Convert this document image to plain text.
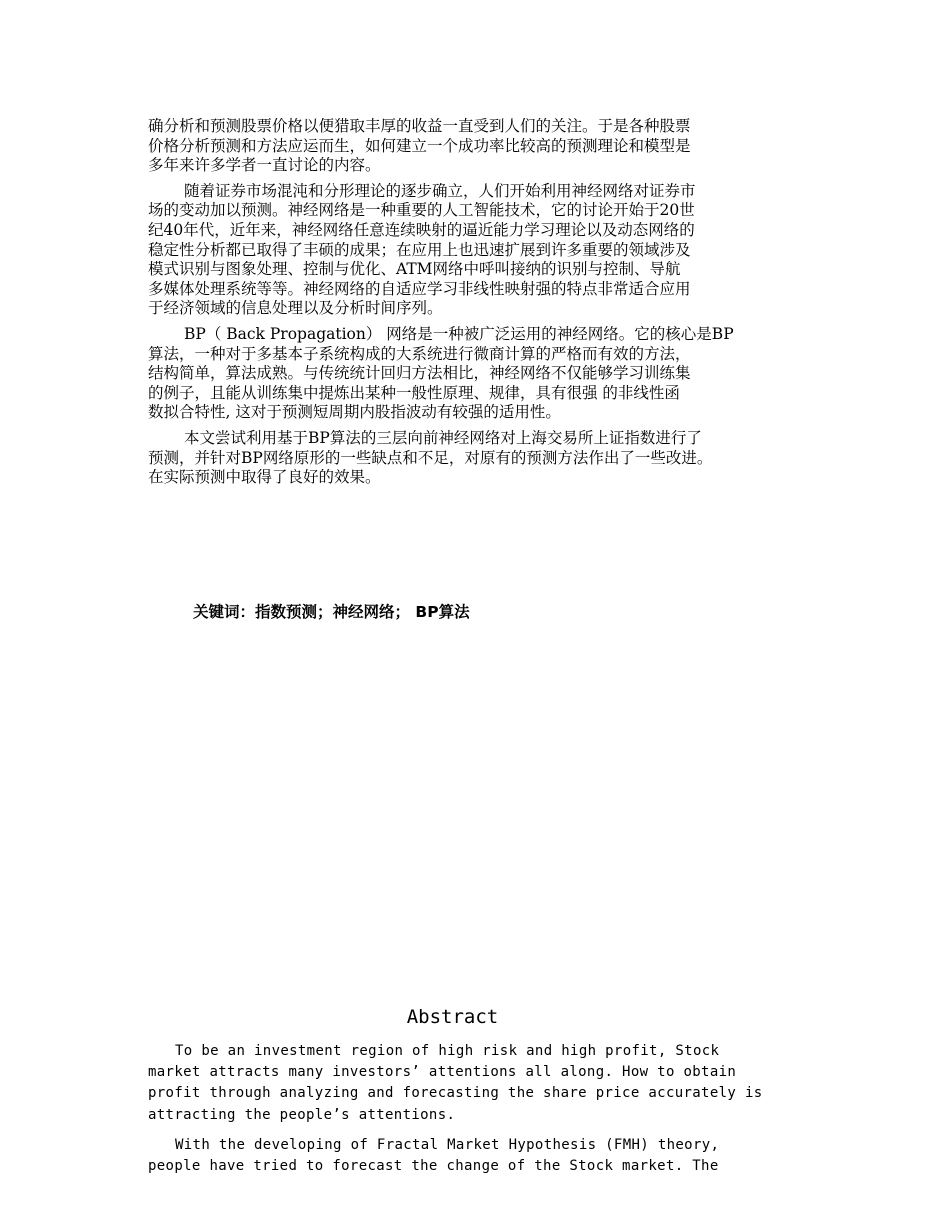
确分析和预测股票价格以便猎取丰厚的收益一直受到人们的关注。于是各种股票
价格分析预测和方法应运而生，如何建立一个成功率比较高的预测理论和模型是
多年来许多学者一直讨论的内容。

随着证券市场混沌和分形理论的逐步确立，人们开始利用神经网络对证券市
场的变动加以预测。神经网络是一种重要的人工智能技术，它的讨论开始于20世
纪40年代，近年来，神经网络任意连续映射的逼近能力学习理论以及动态网络的
稳定性分析都已取得了丰硕的成果；在应用上也迅速扩展到许多重要的领域涉及
模式识别与图象处理、控制与优化、ATM网络中呼叫接纳的识别与控制、导航
多媒体处理系统等等。神经网络的自适应学习非线性映射强的特点非常适合应用
于经济领域的信息处理以及分析时间序列。

BP（ Back Propagation） 网络是一种被广泛运用的神经网络。它的核心是BP
算法，一种对于多基本子系统构成的大系统进行微商计算的严格而有效的方法，
结构简单，算法成熟。与传统统计回归方法相比，神经网络不仅能够学习训练集
的例子，且能从训练集中提炼出某种一般性原理、规律，具有很强 的非线性函
数拟合特性, 这对于预测短周期内股指波动有较强的适用性。

本文尝试利用基于BP算法的三层向前神经网络对上海交易所上证指数进行了
预测，并针对BP网络原形的一些缺点和不足，对原有的预测方法作出了一些改进。
在实际预测中取得了良好的效果。

关键词：指数预测；神经网络； BP算法
Abstract

To be an investment region of high risk and high profit, Stock
market attracts many investors’ attentions all along. How to obtain
profit through analyzing and forecasting the share price accurately is
attracting the people’s attentions.

With the developing of Fractal Market Hypothesis (FMH) theory,
people have tried to forecast the change of the Stock market. The
